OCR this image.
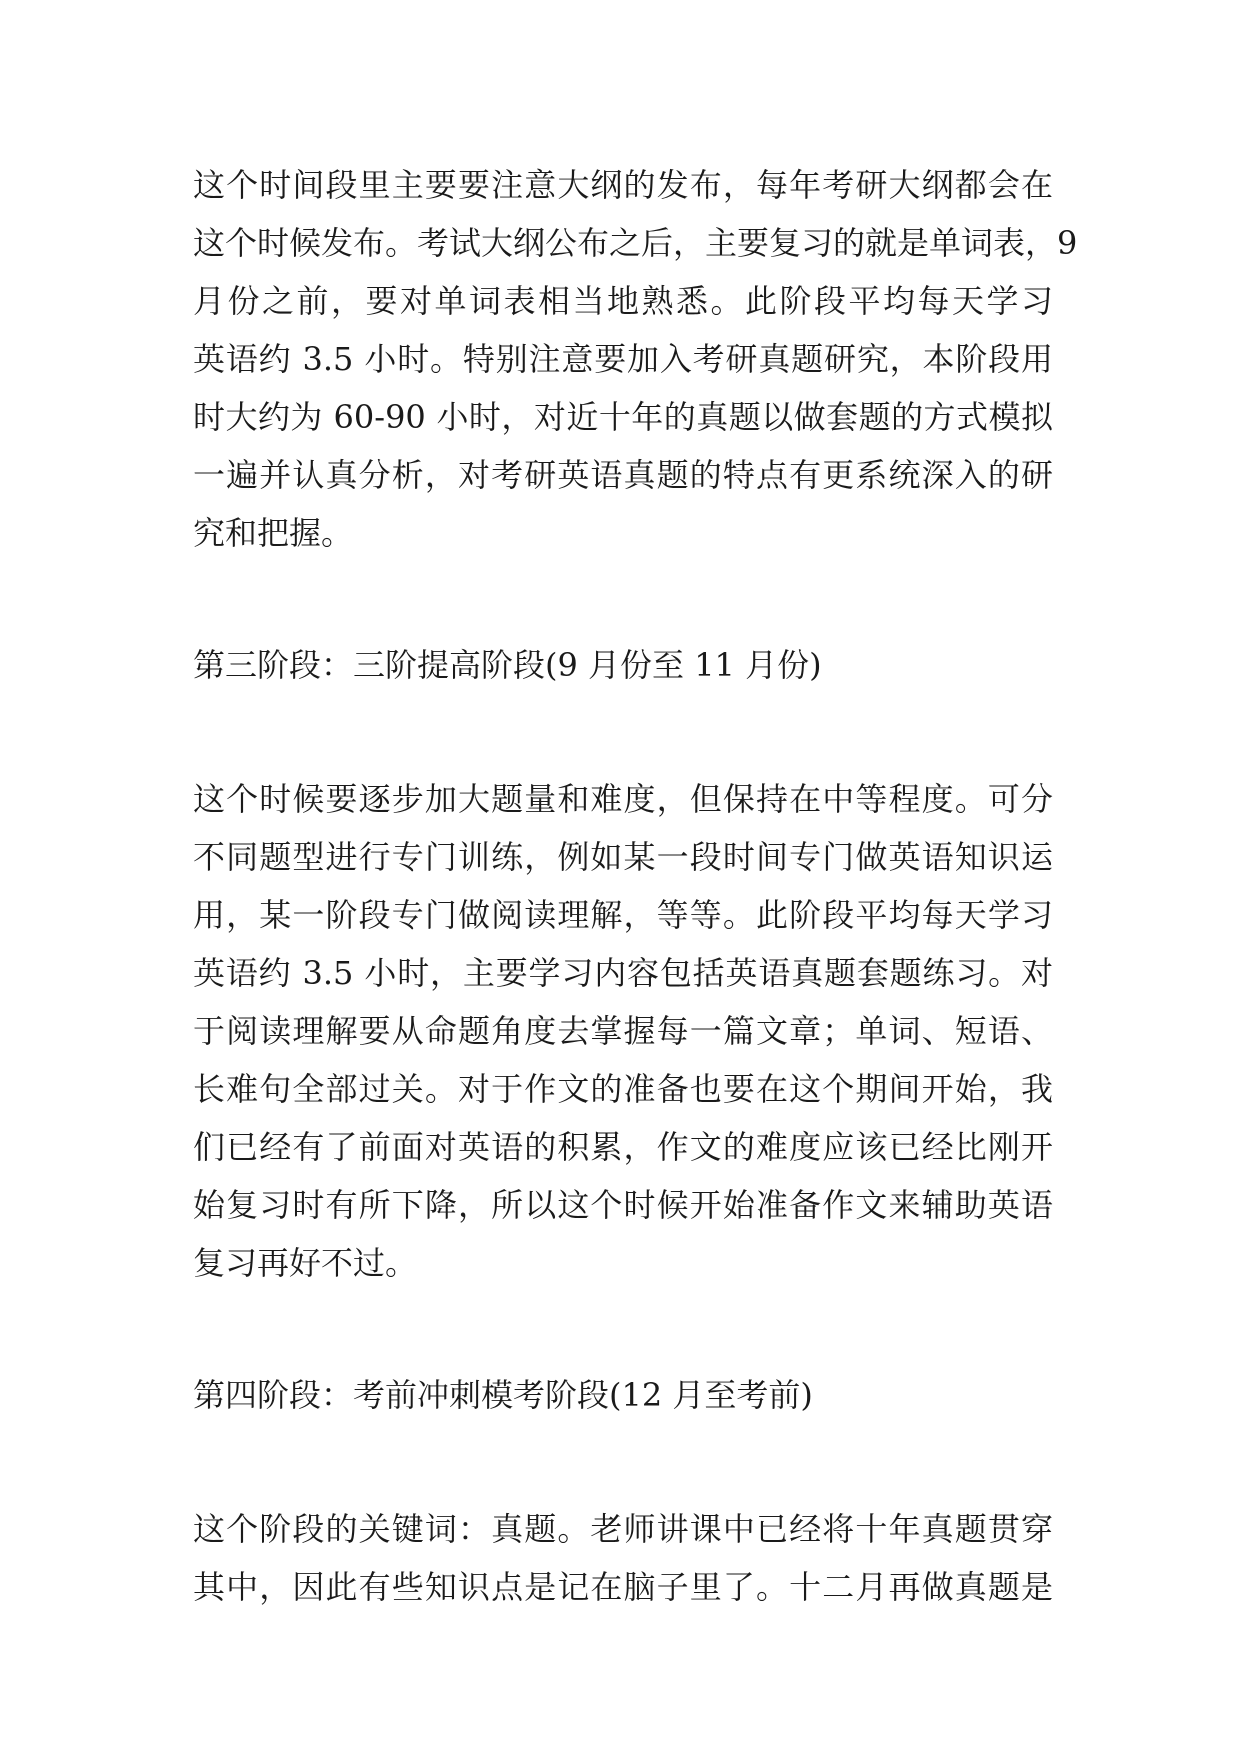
这个时间段里主要要注意大纲的发布，每年考研大纲都会在
这个时候发布。考试大纲公布之后，主要复习的就是单词表，9
月份之前，要对单词表相当地熟悉。此阶段平均每天学习
英语约 3.5 小时。特别注意要加入考研真题研究，本阶段用
时大约为 60-90 小时，对近十年的真题以做套题的方式模拟
一遍并认真分析，对考研英语真题的特点有更系统深入的研
究和把握。
第三阶段：三阶提高阶段(9 月份至 11 月份)
这个时候要逐步加大题量和难度，但保持在中等程度。可分
不同题型进行专门训练，例如某一段时间专门做英语知识运
用，某一阶段专门做阅读理解，等等。此阶段平均每天学习
英语约 3.5 小时，主要学习内容包括英语真题套题练习。对
于阅读理解要从命题角度去掌握每一篇文章；单词、短语、
长难句全部过关。对于作文的准备也要在这个期间开始，我
们已经有了前面对英语的积累，作文的难度应该已经比刚开
始复习时有所下降，所以这个时候开始准备作文来辅助英语
复习再好不过。
第四阶段：考前冲刺模考阶段(12 月至考前)
这个阶段的关键词：真题。老师讲课中已经将十年真题贯穿
其中，因此有些知识点是记在脑子里了。十二月再做真题是
